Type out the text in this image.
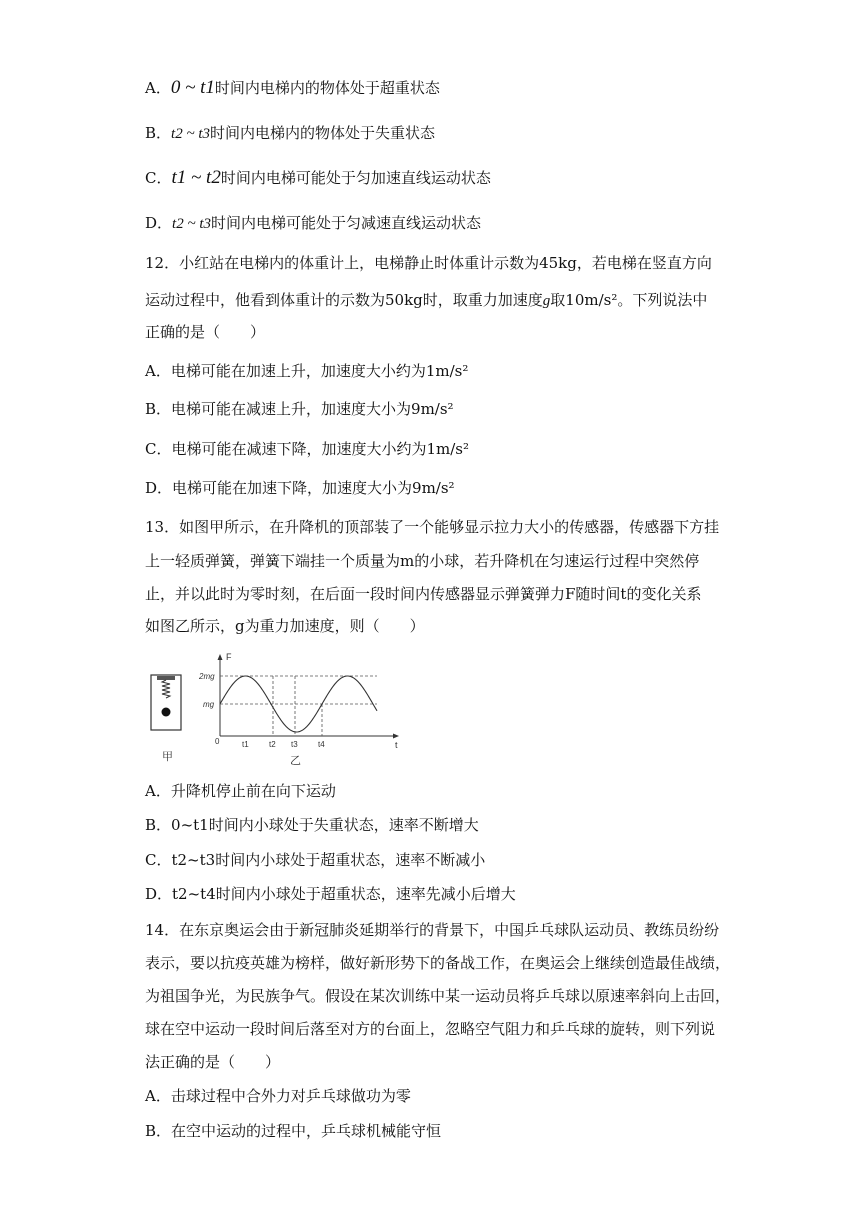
A．0 ~ t1时间内电梯内的物体处于超重状态
B．t2 ~ t3时间内电梯内的物体处于失重状态
C．t1 ~ t2时间内电梯可能处于匀加速直线运动状态
D．t2 ~ t3时间内电梯可能处于匀减速直线运动状态
12．小红站在电梯内的体重计上，电梯静止时体重计示数为45kg，若电梯在竖直方向
运动过程中，他看到体重计的示数为50kg时，取重力加速度g取10m/s²。下列说法中
正确的是（　　）
A．电梯可能在加速上升，加速度大小约为1m/s²
B．电梯可能在减速上升，加速度大小为9m/s²
C．电梯可能在减速下降，加速度大小约为1m/s²
D．电梯可能在加速下降，加速度大小为9m/s²
13．如图甲所示，在升降机的顶部装了一个能够显示拉力大小的传感器，传感器下方挂
上一轻质弹簧，弹簧下端挂一个质量为m的小球，若升降机在匀速运行过程中突然停
止，并以此时为零时刻，在后面一段时间内传感器显示弹簧弹力F随时间t的变化关系
如图乙所示，g为重力加速度，则（　　）
甲
F
t
0
2mg
mg
t1	t2 t3	t4
乙
A．升降机停止前在向下运动
B．0~t1时间内小球处于失重状态，速率不断增大
C．t2~t3时间内小球处于超重状态，速率不断减小
D．t2~t4时间内小球处于超重状态，速率先减小后增大
14．在东京奥运会由于新冠肺炎延期举行的背景下，中国乒乓球队运动员、教练员纷纷
表示，要以抗疫英雄为榜样，做好新形势下的备战工作，在奥运会上继续创造最佳战绩，
为祖国争光，为民族争气。假设在某次训练中某一运动员将乒乓球以原速率斜向上击回，
球在空中运动一段时间后落至对方的台面上，忽略空气阻力和乒乓球的旋转，则下列说
法正确的是（　　）
A．击球过程中合外力对乒乓球做功为零
B．在空中运动的过程中，乒乓球机械能守恒
